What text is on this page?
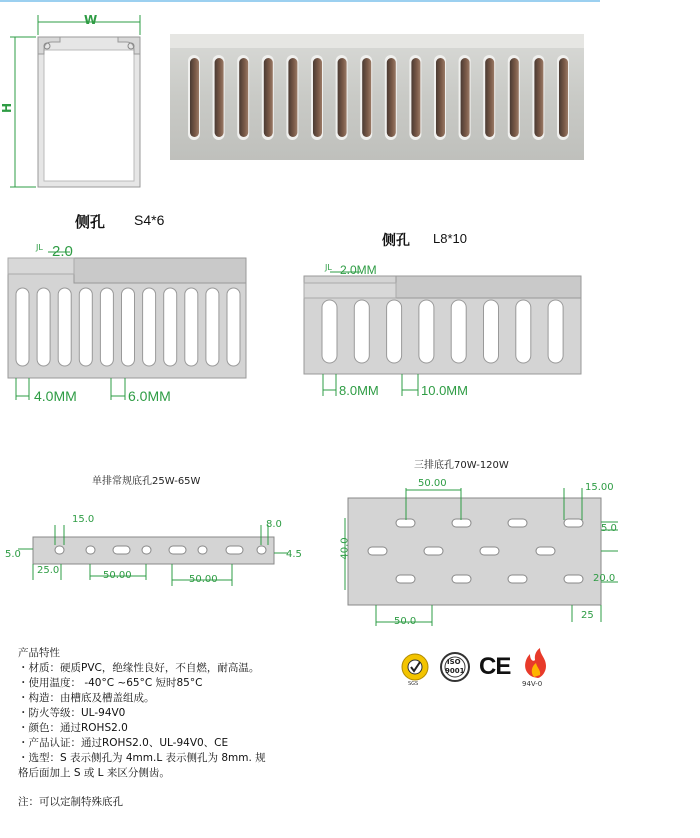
W
H
侧孔 S4*6
JL 2.0
4.0MM	6.0MM
侧孔 L8*10
JL 2.0MM
8.0MM	10.0MM
单排常规底孔25W-65W
15.0	8.0
5.0	4.5
25.0	50.00	50.00
三排底孔70W-120W
50.00	15.00
40.0
5.0
20.0
25
50.0
SGS
ISO
9001 CE
94V-0
产品特性
・材质：硬质PVC，绝缘性良好，不自燃，耐高温。
・使用温度： -40°C ~65°C 短时85°C
・构造：由槽底及槽盖组成。
・防火等级：UL-94V0
・颜色：通过ROHS2.0
・产品认证：通过ROHS2.0、UL-94V0、CE
・选型：S 表示侧孔为 4mm.L 表示侧孔为 8mm. 规
格后面加上 S 或 L 来区分侧齿。
注：可以定制特殊底孔
